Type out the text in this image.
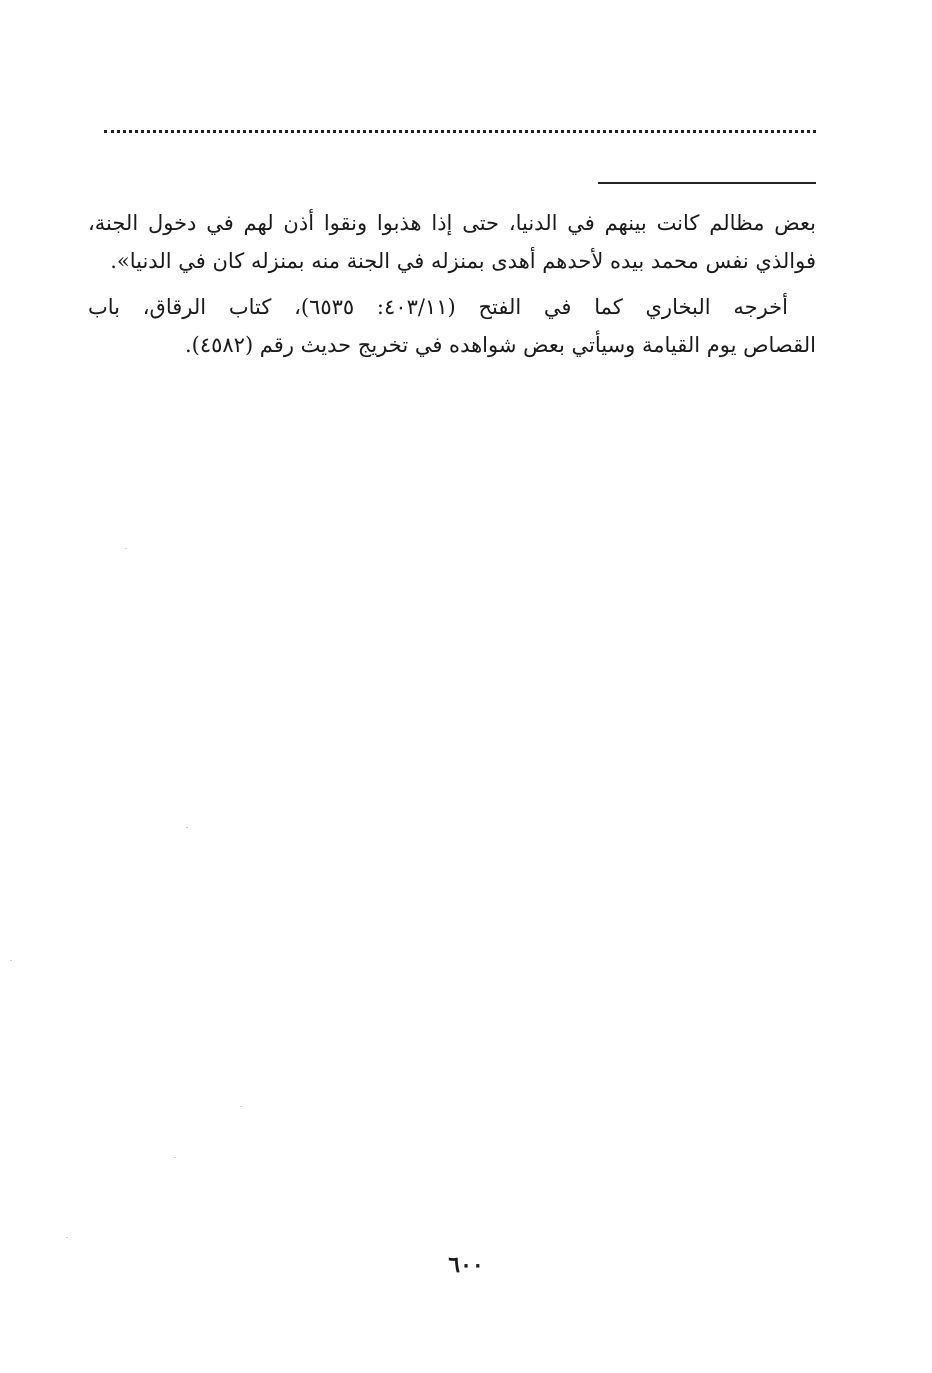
بعض مظالم كانت بينهم في الدنيا، حتى إذا هذبوا ونقوا أذن لهم في دخول الجنة،
فوالذي نفس محمد بيده لأحدهم أهدى بمنزله في الجنة منه بمنزله كان في الدنيا».
أخرجه البخاري كما في الفتح (٤٠٣/١١: ٦٥٣٥)، كتاب الرقاق، باب
القصاص يوم القيامة وسيأتي بعض شواهده في تخريج حديث رقم (٤٥٨٢).
٦٠٠
